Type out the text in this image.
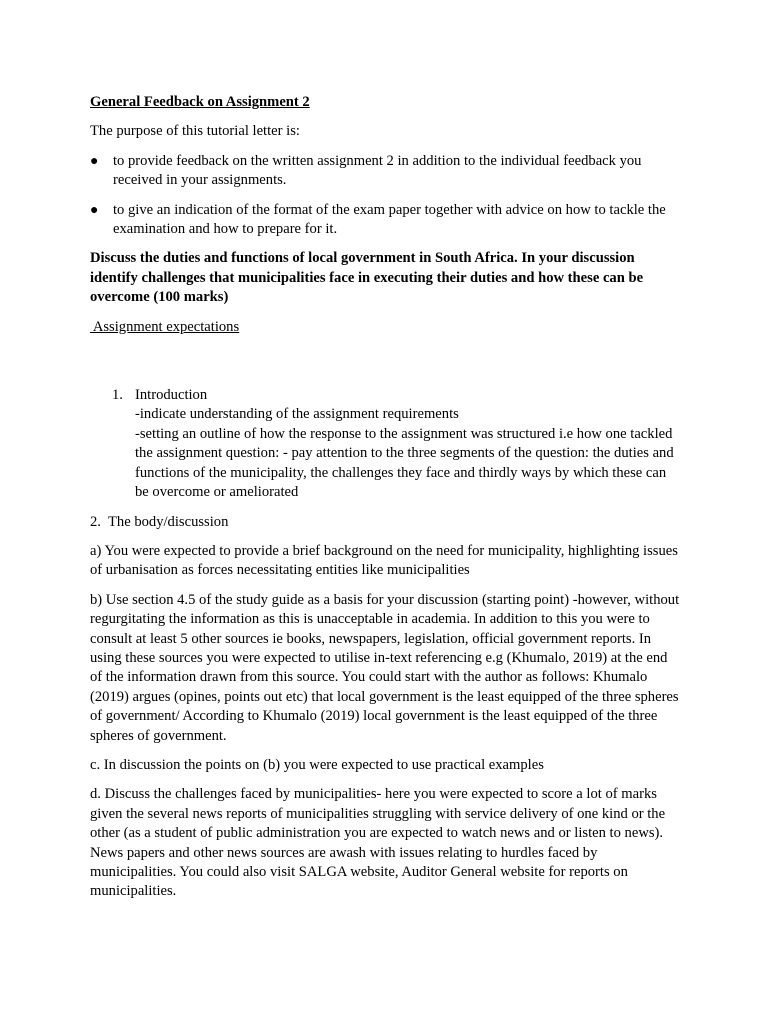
General Feedback on Assignment 2

The purpose of this tutorial letter is:

● to provide feedback on the written assignment 2 in addition to the individual feedback you received in your assignments.
● to give an indication of the format of the exam paper together with advice on how to tackle the examination and how to prepare for it.

Discuss the duties and functions of local government in South Africa. In your discussion identify challenges that municipalities face in executing their duties and how these can be overcome (100 marks)

Assignment expectations

1. Introduction
-indicate understanding of the assignment requirements
-setting an outline of how the response to the assignment was structured i.e how one tackled the assignment question: - pay attention to the three segments of the question: the duties and functions of the municipality, the challenges they face and thirdly ways by which these can be overcome or ameliorated

2.  The body/discussion

a) You were expected to provide a brief background on the need for municipality, highlighting issues of urbanisation as forces necessitating entities like municipalities

b) Use section 4.5 of the study guide as a basis for your discussion (starting point) -however, without regurgitating the information as this is unacceptable in academia. In addition to this you were to consult at least 5 other sources ie books, newspapers, legislation, official government reports. In using these sources you were expected to utilise in-text referencing e.g (Khumalo, 2019) at the end of the information drawn from this source. You could start with the author as follows: Khumalo (2019) argues (opines, points out etc) that local government is the least equipped of the three spheres of government/ According to Khumalo (2019) local government is the least equipped of the three spheres of government.

c. In discussion the points on (b) you were expected to use practical examples

d. Discuss the challenges faced by municipalities- here you were expected to score a lot of marks given the several news reports of municipalities struggling with service delivery of one kind or the other (as a student of public administration you are expected to watch news and or listen to news). News papers and other news sources are awash with issues relating to hurdles faced by municipalities. You could also visit SALGA website, Auditor General website for reports on municipalities.
